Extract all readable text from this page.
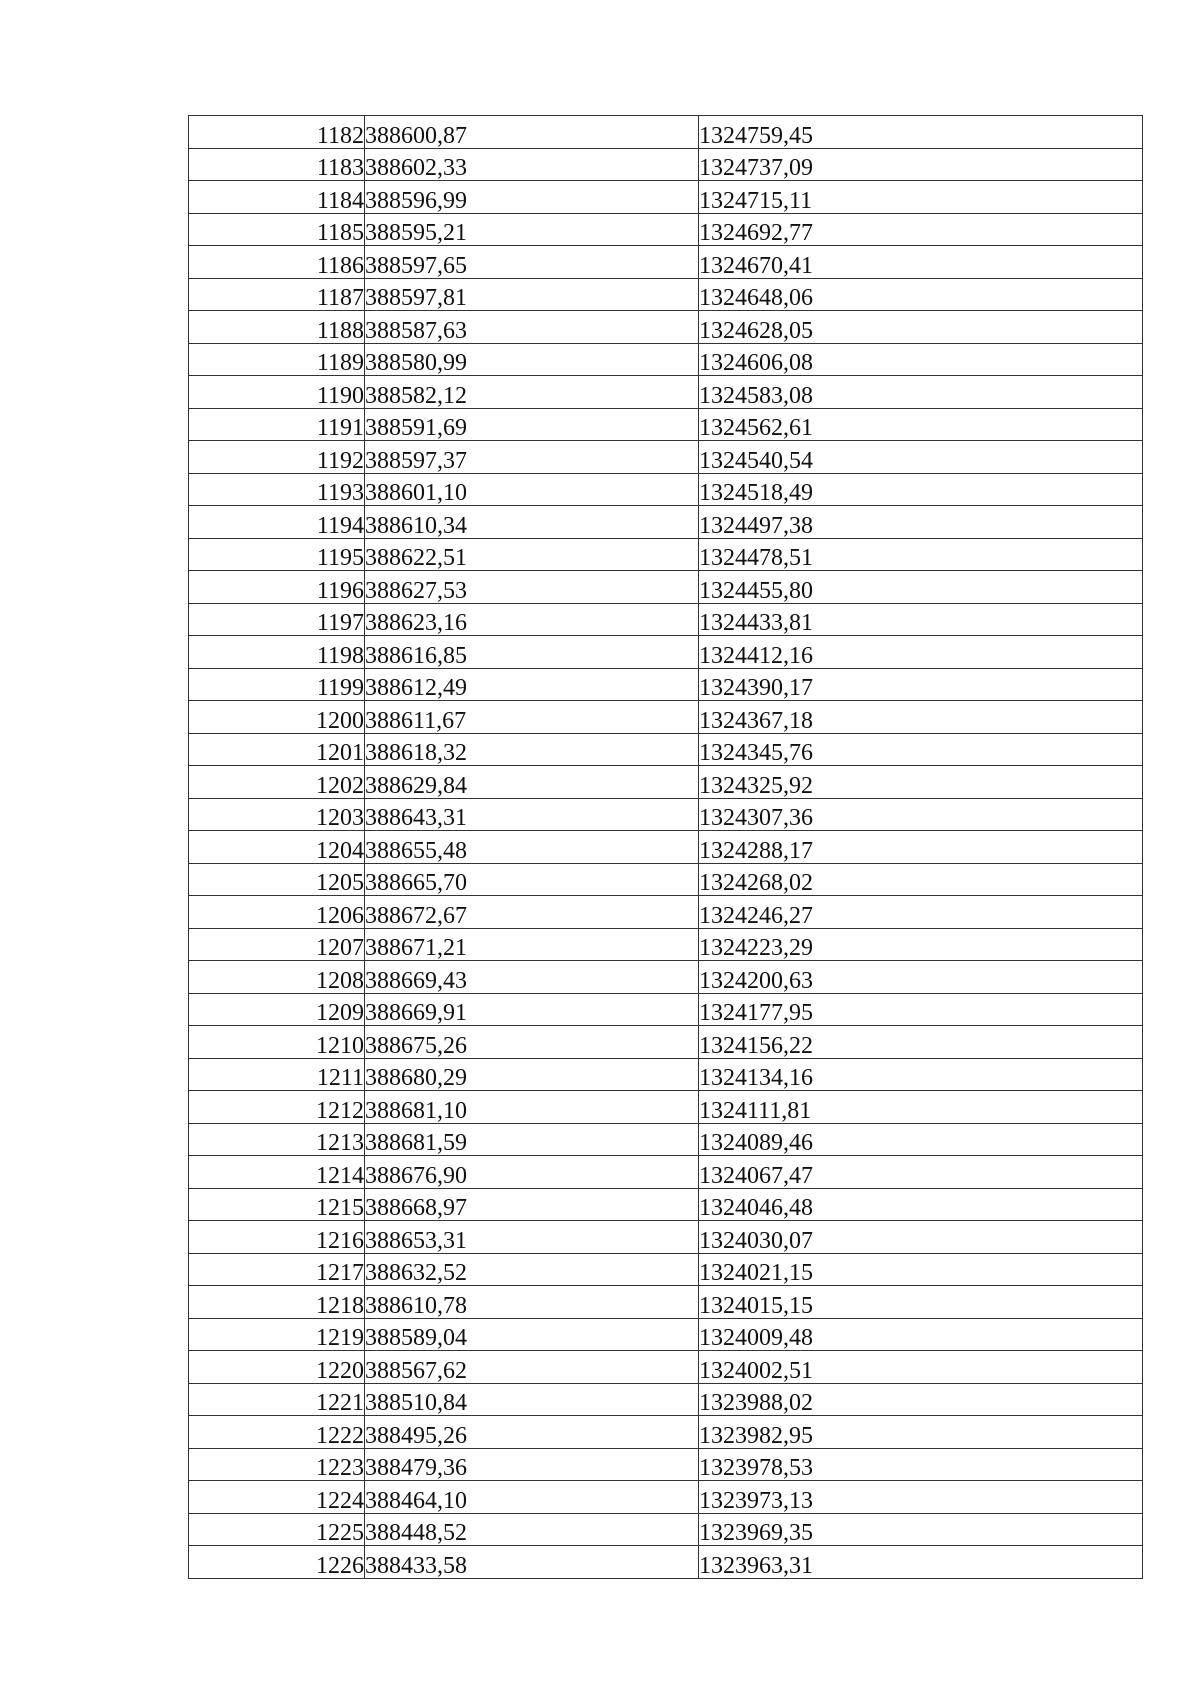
1182	388600,87	1324759,45
1183	388602,33	1324737,09
1184	388596,99	1324715,11
1185	388595,21	1324692,77
1186	388597,65	1324670,41
1187	388597,81	1324648,06
1188	388587,63	1324628,05
1189	388580,99	1324606,08
1190	388582,12	1324583,08
1191	388591,69	1324562,61
1192	388597,37	1324540,54
1193	388601,10	1324518,49
1194	388610,34	1324497,38
1195	388622,51	1324478,51
1196	388627,53	1324455,80
1197	388623,16	1324433,81
1198	388616,85	1324412,16
1199	388612,49	1324390,17
1200	388611,67	1324367,18
1201	388618,32	1324345,76
1202	388629,84	1324325,92
1203	388643,31	1324307,36
1204	388655,48	1324288,17
1205	388665,70	1324268,02
1206	388672,67	1324246,27
1207	388671,21	1324223,29
1208	388669,43	1324200,63
1209	388669,91	1324177,95
1210	388675,26	1324156,22
1211	388680,29	1324134,16
1212	388681,10	1324111,81
1213	388681,59	1324089,46
1214	388676,90	1324067,47
1215	388668,97	1324046,48
1216	388653,31	1324030,07
1217	388632,52	1324021,15
1218	388610,78	1324015,15
1219	388589,04	1324009,48
1220	388567,62	1324002,51
1221	388510,84	1323988,02
1222	388495,26	1323982,95
1223	388479,36	1323978,53
1224	388464,10	1323973,13
1225	388448,52	1323969,35
1226	388433,58	1323963,31
